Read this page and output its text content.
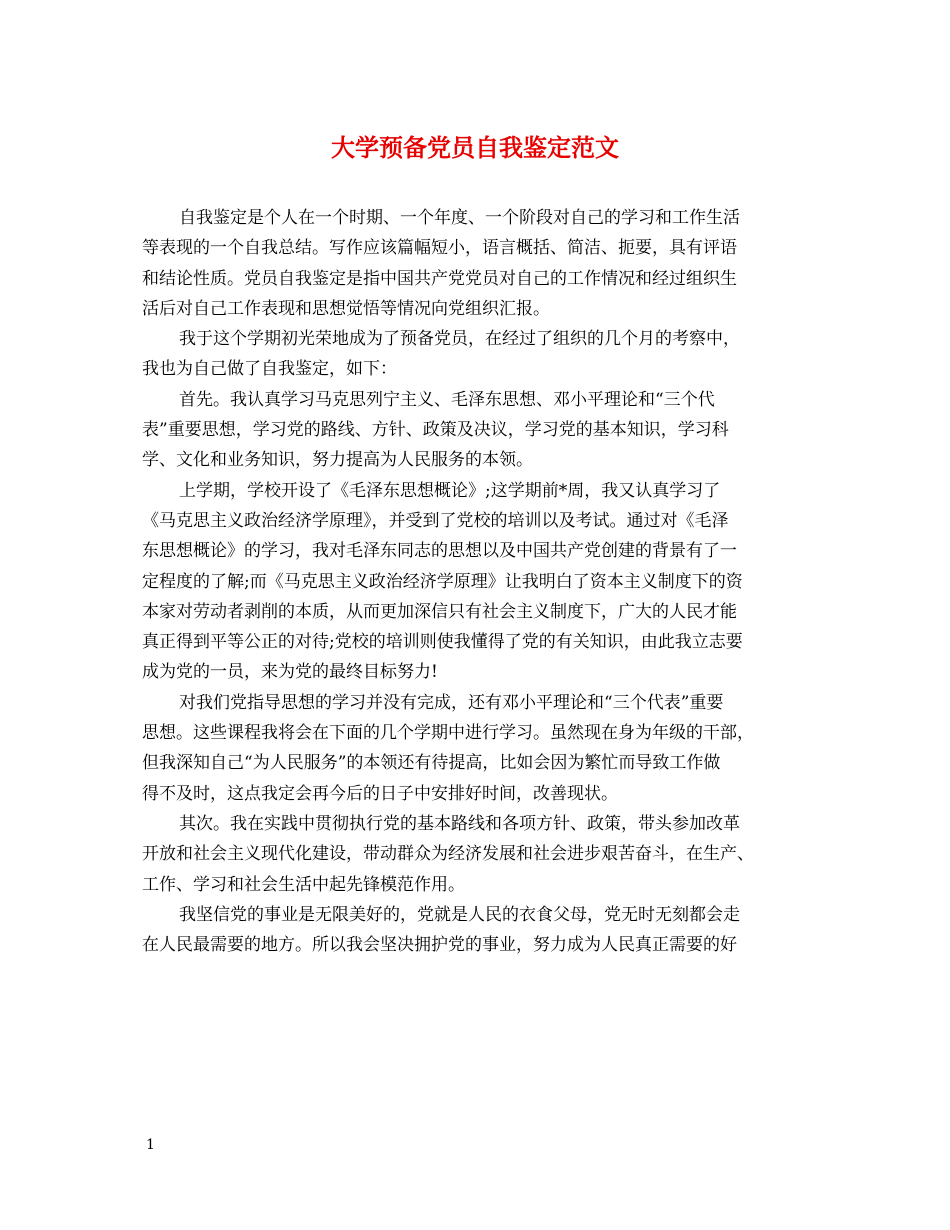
大学预备党员自我鉴定范文

自我鉴定是个人在一个时期、一个年度、一个阶段对自己的学习和工作生活
等表现的一个自我总结。写作应该篇幅短小，语言概括、简洁、扼要，具有评语
和结论性质。党员自我鉴定是指中国共产党党员对自己的工作情况和经过组织生
活后对自己工作表现和思想觉悟等情况向党组织汇报。

我于这个学期初光荣地成为了预备党员，在经过了组织的几个月的考察中，
我也为自己做了自我鉴定，如下：

首先。我认真学习马克思列宁主义、毛泽东思想、邓小平理论和“三个代
表”重要思想，学习党的路线、方针、政策及决议，学习党的基本知识，学习科
学、文化和业务知识，努力提高为人民服务的本领。

上学期，学校开设了《毛泽东思想概论》;这学期前*周，我又认真学习了
《马克思主义政治经济学原理》，并受到了党校的培训以及考试。通过对《毛泽
东思想概论》的学习，我对毛泽东同志的思想以及中国共产党创建的背景有了一
定程度的了解;而《马克思主义政治经济学原理》让我明白了资本主义制度下的资
本家对劳动者剥削的本质，从而更加深信只有社会主义制度下，广大的人民才能
真正得到平等公正的对待;党校的培训则使我懂得了党的有关知识，由此我立志要
成为党的一员，来为党的最终目标努力!

对我们党指导思想的学习并没有完成，还有邓小平理论和“三个代表”重要
思想。这些课程我将会在下面的几个学期中进行学习。虽然现在身为年级的干部，
但我深知自己“为人民服务”的本领还有待提高，比如会因为繁忙而导致工作做
得不及时，这点我定会再今后的日子中安排好时间，改善现状。

其次。我在实践中贯彻执行党的基本路线和各项方针、政策，带头参加改革
开放和社会主义现代化建设，带动群众为经济发展和社会进步艰苦奋斗，在生产、
工作、学习和社会生活中起先锋模范作用。

我坚信党的事业是无限美好的，党就是人民的衣食父母，党无时无刻都会走
在人民最需要的地方。所以我会坚决拥护党的事业，努力成为人民真正需要的好

1
